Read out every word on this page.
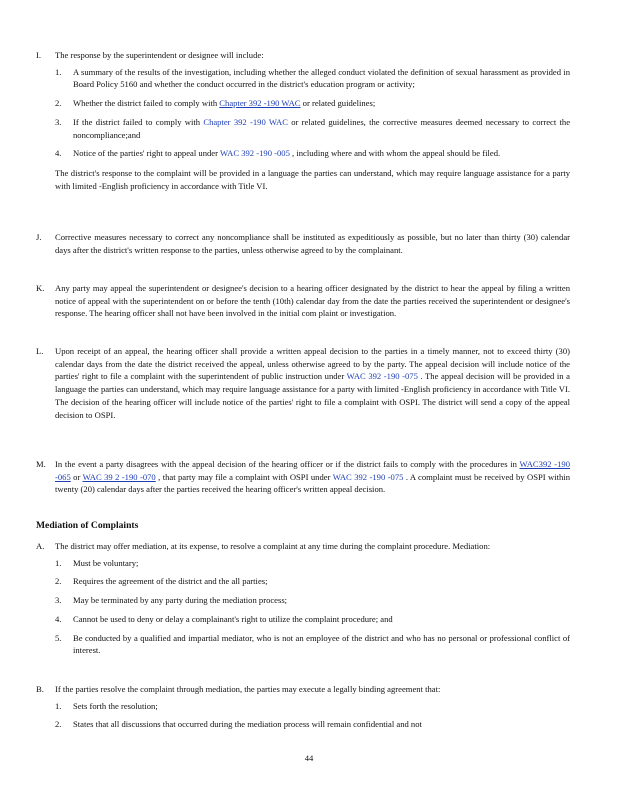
I.	The response by the superintendent or designee will include:
1. A summary of the results of the investigation, including whether the alleged conduct violated the definition of sexual harassment as provided in Board Policy 5160 and whether the conduct occurred in the district's education program or activity;
2. Whether the district failed to comply with Chapter 392 -190 WAC or related guidelines;
3. If the district failed to comply with Chapter 392 -190 WAC or related guidelines, the corrective measures deemed necessary to correct the noncompliance;and
4. Notice of the parties' right to appeal under WAC 392 -190 -005 , including where and with whom the appeal should be filed.
The district's response to the complaint will be provided in a language the parties can understand, which may require language assistance for a party with limited -English proficiency in accordance with Title VI.
J.	Corrective measures necessary to correct any noncompliance shall be instituted as expeditiously as possible, but no later than thirty (30) calendar days after the district's written response to the parties, unless otherwise agreed to by the complainant.
K.	Any party may appeal the superintendent or designee's decision to a hearing officer designated by the district to hear the appeal by filing a written notice of appeal with the superintendent on or before the tenth (10th) calendar day from the date the parties received the superintendent or designee's response. The hearing officer shall not have been involved in the initial com plaint or investigation.
L.	Upon receipt of an appeal, the hearing officer shall provide a written appeal decision to the parties in a timely manner, not to exceed thirty (30) calendar days from the date the district received the appeal, unless otherwise agreed to by the party. The appeal decision will include notice of the parties' right to file a complaint with the superintendent of public instruction under WAC 392 -190 -075 . The appeal decision will be provided in a language the parties can understand, which may require language assistance for a party with limited -English proficiency in accordance with Title VI. The decision of the hearing officer will include notice of the parties' right to file a complaint with OSPI. The district will send a copy of the appeal decision to OSPI.
M.	In the event a party disagrees with the appeal decision of the hearing officer or if the district fails to comply with the procedures in WAC392 -190 -065 or WAC 39 2 -190 -070 , that party may file a complaint with OSPI under WAC 392 -190 -075 . A complaint must be received by OSPI within twenty (20) calendar days after the parties received the hearing officer's written appeal decision.
Mediation of Complaints
A.	The district may offer mediation, at its expense, to resolve a complaint at any time during the complaint procedure. Mediation:
1. Must be voluntary;
2. Requires the agreement of the district and the all parties;
3. May be terminated by any party during the mediation process;
4. Cannot be used to deny or delay a complainant's right to utilize the complaint procedure; and
5. Be conducted by a qualified and impartial mediator, who is not an employee of the district and who has no personal or professional conflict of interest.
B.	If the parties resolve the complaint through mediation, the parties may execute a legally binding agreement that:
1. Sets forth the resolution;
2. States that all discussions that occurred during the mediation process will remain confidential and not
44
